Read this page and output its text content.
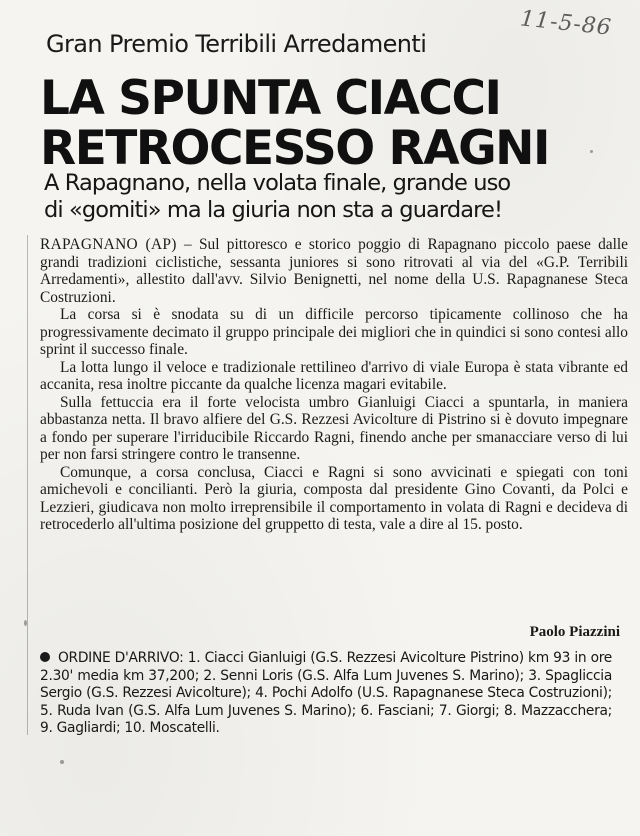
11-5-86
Gran Premio Terribili Arredamenti
LA SPUNTA CIACCI
RETROCESSO RAGNI
A Rapagnano, nella volata finale, grande uso
di «gomiti» ma la giuria non sta a guardare!

RAPAGNANO (AP) – Sul pittoresco e storico poggio di Rapagnano piccolo paese dalle grandi tradizioni ciclistiche, sessanta juniores si sono ritrovati al via del «G.P. Terribili Arredamenti», allestito dall'avv. Silvio Benignetti, nel nome della U.S. Rapagnanese Steca Costruzioni.

La corsa si è snodata su di un difficile percorso tipicamente collinoso che ha progressivamente decimato il gruppo principale dei migliori che in quindici si sono contesi allo sprint il successo finale.

La lotta lungo il veloce e tradizionale rettilineo d'arrivo di viale Europa è stata vibrante ed accanita, resa inoltre piccante da qualche licenza magari evitabile.

Sulla fettuccia era il forte velocista umbro Gianluigi Ciacci a spuntarla, in maniera abbastanza netta. Il bravo alfiere del G.S. Rezzesi Avicolture di Pistrino si è dovuto impegnare a fondo per superare l'irriducibile Riccardo Ragni, finendo anche per smanacciare verso di lui per non farsi stringere contro le transenne.

Comunque, a corsa conclusa, Ciacci e Ragni si sono avvicinati e spiegati con toni amichevoli e concilianti. Però la giuria, composta dal presidente Gino Covanti, da Polci e Lezzieri, giudicava non molto irreprensibile il comportamento in volata di Ragni e decideva di retrocederlo all'ultima posizione del gruppetto di testa, vale a dire al 15. posto.

Paolo Piazzini
ORDINE D'ARRIVO: 1. Ciacci Gianluigi (G.S. Rezzesi Avicolture Pistrino) km 93 in ore 2.30' media km 37,200; 2. Senni Loris (G.S. Alfa Lum Juvenes S. Marino); 3. Spagliccia Sergio (G.S. Rezzesi Avicolture); 4. Pochi Adolfo (U.S. Rapagnanese Steca Costruzioni); 5. Ruda Ivan (G.S. Alfa Lum Juvenes S. Marino); 6. Fasciani; 7. Giorgi; 8. Mazzacchera; 9. Gagliardi; 10. Moscatelli.
